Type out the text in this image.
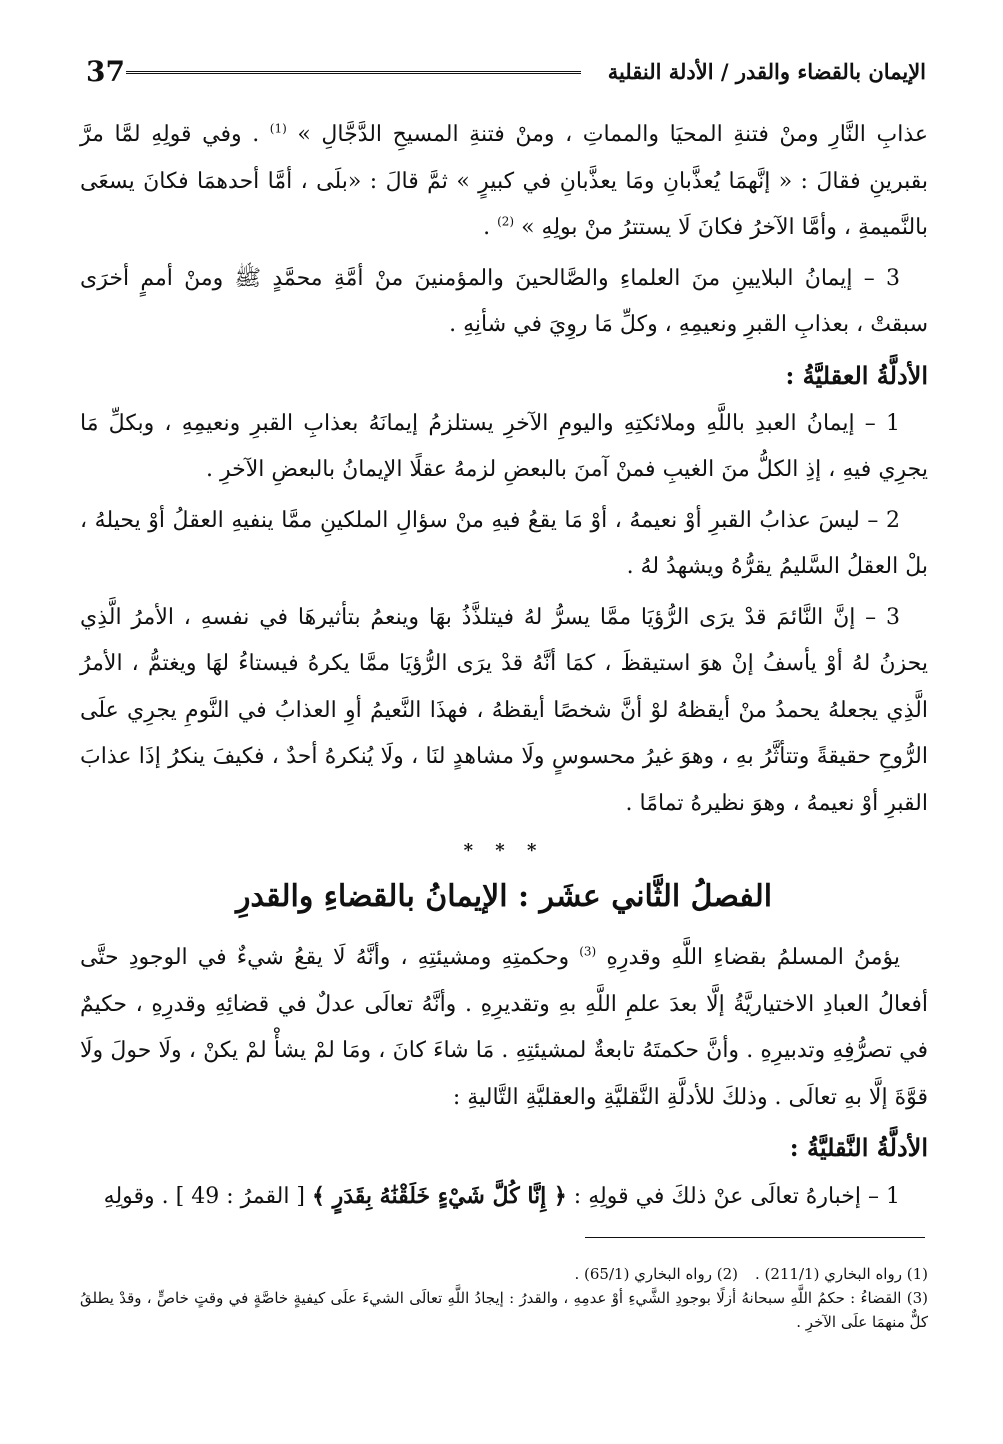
37	الإيمان بالقضاء والقدر / الأدلة النقلية

عذابِ النَّارِ ومنْ فتنةِ المحيَا والمماتِ ، ومنْ فتنةِ المسيحِ الدَّجَّالِ » $^{(1)}$ . وفي قولِهِ لمَّا مرَّ بقبرينِ فقالَ : « إنَّهمَا يُعذَّبانِ ومَا يعذَّبانِ في كبيرٍ » ثمَّ قالَ : «بلَى ، أمَّا أحدهمَا فكانَ يسعَى بالنَّميمةِ ، وأمَّا الآخرُ فكانَ لَا يستترُ منْ بولِهِ » $^{(2)}$ .

3 – إيمانُ البلايينِ منَ العلماءِ والصَّالحينَ والمؤمنينَ منْ أمَّةِ محمَّدٍ ﷺ ومنْ أممٍ أخرَى سبقتْ ، بعذابِ القبرِ ونعيمِهِ ، وكلِّ مَا روِيَ في شأنِهِ .

الأدلَّةُ العقليَّةُ :

1 – إيمانُ العبدِ باللَّهِ وملائكتِهِ واليومِ الآخرِ يستلزمُ إيمانَهُ بعذابِ القبرِ ونعيمِهِ ، وبكلِّ مَا يجرِي فيهِ ، إذِ الكلُّ منَ الغيبِ فمنْ آمنَ بالبعضِ لزمهُ عقلًا الإيمانُ بالبعضِ الآخرِ .

2 – ليسَ عذابُ القبرِ أوْ نعيمهُ ، أوْ مَا يقعُ فيهِ منْ سؤالِ الملكينِ ممَّا ينفيهِ العقلُ أوْ يحيلهُ ، بلْ العقلُ السَّليمُ يقرُّهُ ويشهدُ لهُ .

3 – إنَّ النَّائمَ قدْ يرَى الرُّؤيَا ممَّا يسرُّ لهُ فيتلذَّذُ بهَا وينعمُ بتأثيرهَا في نفسهِ ، الأمرُ الَّذِي يحزنُ لهُ أوْ يأسفُ إنْ هوَ استيقظَ ، كمَا أنَّهُ قدْ يرَى الرُّؤيَا ممَّا يكرهُ فيستاءُ لهَا ويغتمُّ ، الأمرُ الَّذِي يجعلهُ يحمدُ منْ أيقظهُ لوْ أنَّ شخصًا أيقظهُ ، فهذَا النَّعيمُ أوِ العذابُ في النَّومِ يجرِي علَى الرُّوحِ حقيقةً وتتأثَّرُ بهِ ، وهوَ غيرُ محسوسٍ ولَا مشاهدٍ لنَا ، ولَا يُنكرهُ أحدٌ ، فكيفَ ينكرُ إذَا عذابَ القبرِ أوْ نعيمهُ ، وهوَ نظيرهُ تمامًا .

* * *
الفصلُ الثَّاني عشَر : الإيمانُ بالقضاءِ والقدرِ

يؤمنُ المسلمُ بقضاءِ اللَّهِ وقدرِهِ $^{(3)}$ وحكمتِهِ ومشيئتِهِ ، وأنَّهُ لَا يقعُ شيءٌ في الوجودِ حتَّى أفعالُ العبادِ الاختياريَّةُ إلَّا بعدَ علمِ اللَّهِ بهِ وتقديرِهِ . وأنَّهُ تعالَى عدلٌ في قضائِهِ وقدرِهِ ، حكيمٌ في تصرُّفِهِ وتدبيرِهِ . وأنَّ حكمتَهُ تابعةٌ لمشيئتِهِ . مَا شاءَ كانَ ، ومَا لمْ يشأْ لمْ يكنْ ، ولَا حولَ ولَا قوَّةَ إلَّا بهِ تعالَى . وذلكَ للأدلَّةِ النَّقليَّةِ والعقليَّةِ التَّاليةِ :

الأدلَّةُ النَّقليَّةُ :

1 – إخبارهُ تعالَى عنْ ذلكَ في قولِهِ : ﴿ إِنَّا كُلَّ شَيْءٍ خَلَقْنَٰهُ بِقَدَرٍ ﴾ [ القمرُ : 49 ] . وقولِهِ

(1) رواه البخاري (211/1) .(2) رواه البخاري (65/1) .
(3) القضاءُ : حكمُ اللَّهِ سبحانهُ أزلًا بوجودِ الشَّيءِ أوْ عدمِهِ ، والقدرُ : إيجادُ اللَّهِ تعالَى الشيءَ علَى كيفيةٍ خاصَّةٍ في وقتٍ خاصٍّ ، وقدْ يطلقُ كلٌّ منهمَا علَى الآخرِ .
